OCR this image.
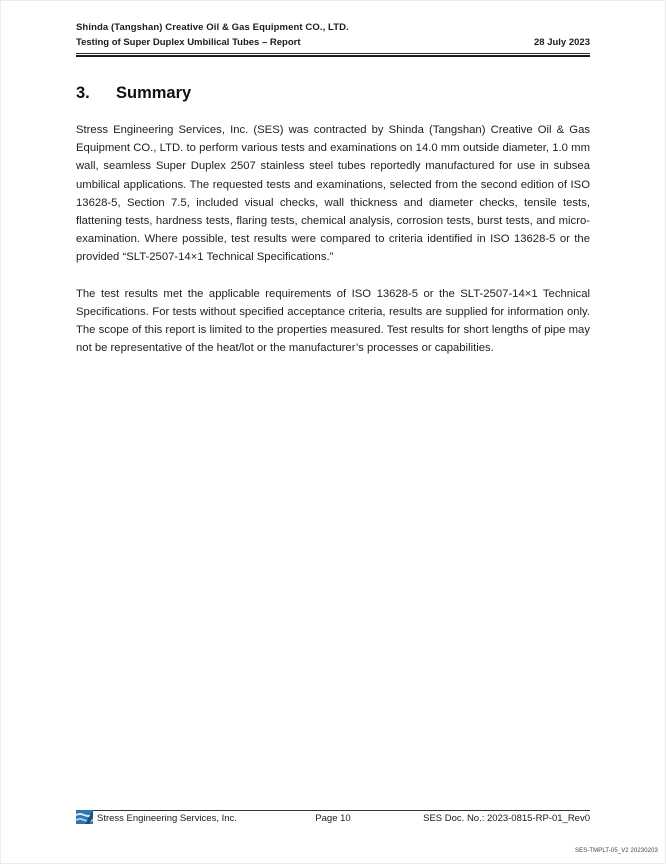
Shinda (Tangshan) Creative Oil & Gas Equipment CO., LTD.
Testing of Super Duplex Umbilical Tubes – Report	28 July 2023
3.	Summary

Stress Engineering Services, Inc. (SES) was contracted by Shinda (Tangshan) Creative Oil & Gas Equipment CO., LTD. to perform various tests and examinations on 14.0 mm outside diameter, 1.0 mm wall, seamless Super Duplex 2507 stainless steel tubes reportedly manufactured for use in subsea umbilical applications. The requested tests and examinations, selected from the second edition of ISO 13628-5, Section 7.5, included visual checks, wall thickness and diameter checks, tensile tests, flattening tests, hardness tests, flaring tests, chemical analysis, corrosion tests, burst tests, and micro-examination. Where possible, test results were compared to criteria identified in ISO 13628-5 or the provided “SLT-2507-14×1 Technical Specifications.”

The test results met the applicable requirements of ISO 13628-5 or the SLT-2507-14×1 Technical Specifications. For tests without specified acceptance criteria, results are supplied for information only. The scope of this report is limited to the properties measured. Test results for short lengths of pipe may not be representative of the heat/lot or the manufacturer’s processes or capabilities.

Stress Engineering Services, Inc.	Page 10	SES Doc. No.: 2023-0815-RP-01_Rev0
SES-TMPLT-05_V2 20230203
